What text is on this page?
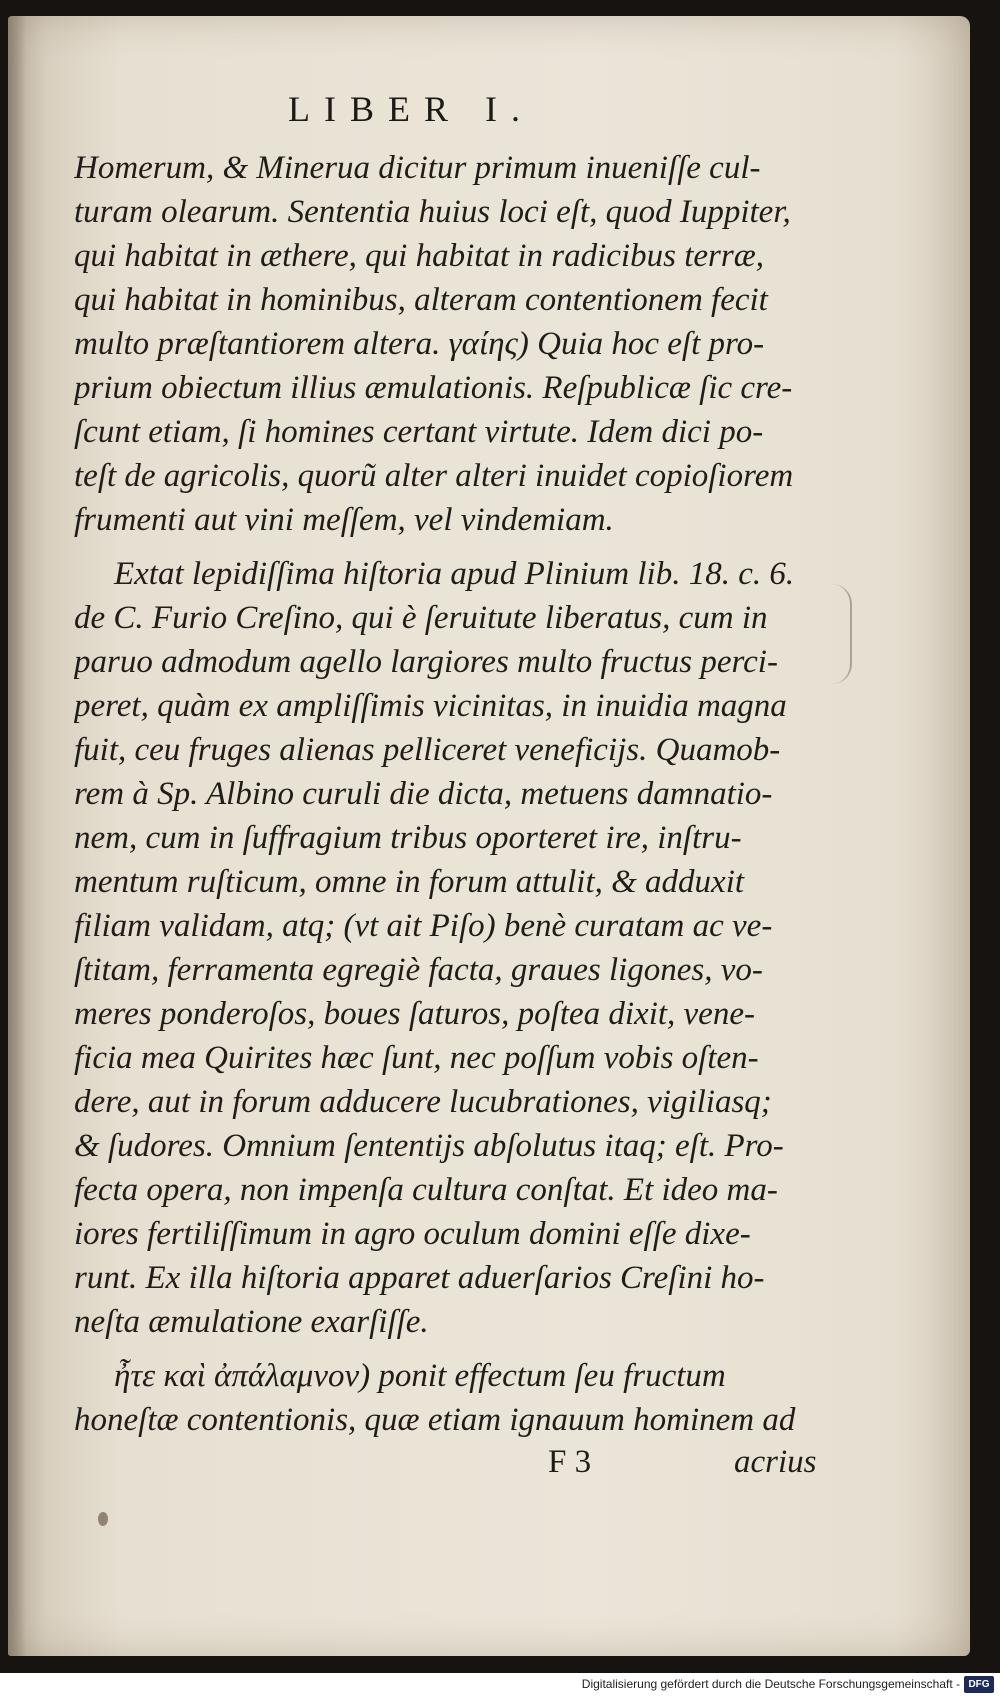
LIBER I.

Homerum, & Minerua dicitur primum inueniſſe cul-

turam olearum. Sententia huius loci eſt, quod Iuppiter,

qui habitat in æthere, qui habitat in radicibus terræ,

qui habitat in hominibus, alteram contentionem fecit

multo præſtantiorem altera. γαίης) Quia hoc eſt pro-

prium obiectum illius æmulationis. Reſpublicæ ſic cre-

ſcunt etiam, ſi homines certant virtute. Idem dici po-

teſt de agricolis, quorũ alter alteri inuidet copioſiorem

frumenti aut vini meſſem, vel vindemiam.

Extat lepidiſſima hiſtoria apud Plinium lib. 18. c. 6.

de C. Furio Creſino, qui è ſeruitute liberatus, cum in

paruo admodum agello largiores multo fructus perci-

peret, quàm ex ampliſſimis vicinitas, in inuidia magna

fuit, ceu fruges alienas pelliceret veneficijs. Quamob-

rem à Sp. Albino curuli die dicta, metuens damnatio-

nem, cum in ſuffragium tribus oporteret ire, inſtru-

mentum ruſticum, omne in forum attulit, & adduxit

filiam validam, atq; (vt ait Piſo) benè curatam ac ve-

ſtitam, ferramenta egregiè facta, graues ligones, vo-

meres ponderoſos, boues ſaturos, poſtea dixit, vene-

ficia mea Quirites hæc ſunt, nec poſſum vobis oſten-

dere, aut in forum adducere lucubrationes, vigiliasq;

& ſudores. Omnium ſententijs abſolutus itaq; eſt. Pro-

fecta opera, non impenſa cultura conſtat. Et ideo ma-

iores fertiliſſimum in agro oculum domini eſſe dixe-

runt. Ex illa hiſtoria apparet aduerſarios Creſini ho-

neſta æmulatione exarſiſſe.

ἦτε καὶ ἀπάλαμνον) ponit effectum ſeu fructum

honeſtæ contentionis, quæ etiam ignauum hominem ad

F 3	acrius
Digitalisierung gefördert durch die Deutsche Forschungsgemeinschaft - DFG
